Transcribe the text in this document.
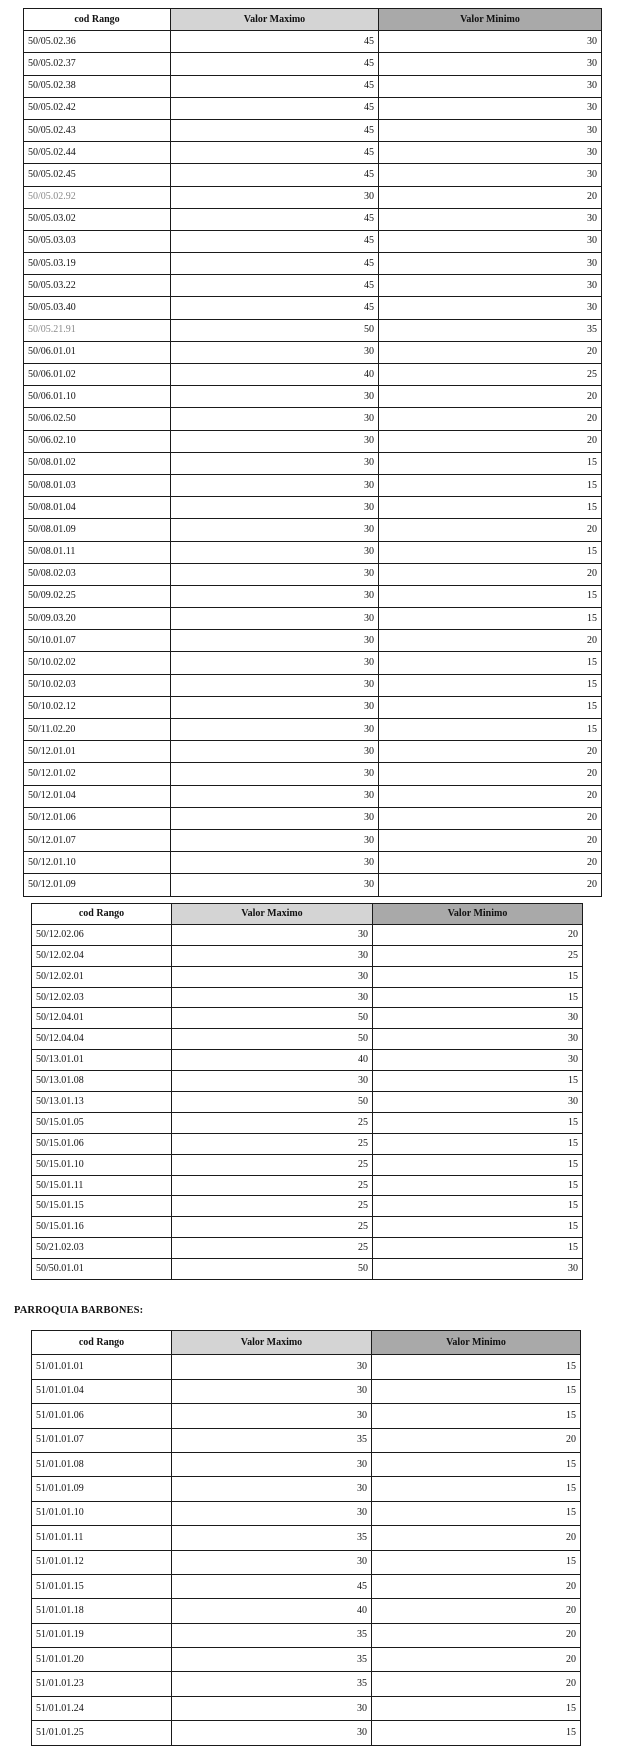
cod Rango	Valor Maximo	Valor Minimo
50/05.02.36	45	30
50/05.02.37	45	30
50/05.02.38	45	30
50/05.02.42	45	30
50/05.02.43	45	30
50/05.02.44	45	30
50/05.02.45	45	30
50/05.02.92	30	20
50/05.03.02	45	30
50/05.03.03	45	30
50/05.03.19	45	30
50/05.03.22	45	30
50/05.03.40	45	30
50/05.21.91	50	35
50/06.01.01	30	20
50/06.01.02	40	25
50/06.01.10	30	20
50/06.02.50	30	20
50/06.02.10	30	20
50/08.01.02	30	15
50/08.01.03	30	15
50/08.01.04	30	15
50/08.01.09	30	20
50/08.01.11	30	15
50/08.02.03	30	20
50/09.02.25	30	15
50/09.03.20	30	15
50/10.01.07	30	20
50/10.02.02	30	15
50/10.02.03	30	15
50/10.02.12	30	15
50/11.02.20	30	15
50/12.01.01	30	20
50/12.01.02	30	20
50/12.01.04	30	20
50/12.01.06	30	20
50/12.01.07	30	20
50/12.01.10	30	20
50/12.01.09	30	20
cod Rango	Valor Maximo	Valor Minimo
50/12.02.06	30	20
50/12.02.04	30	25
50/12.02.01	30	15
50/12.02.03	30	15
50/12.04.01	50	30
50/12.04.04	50	30
50/13.01.01	40	30
50/13.01.08	30	15
50/13.01.13	50	30
50/15.01.05	25	15
50/15.01.06	25	15
50/15.01.10	25	15
50/15.01.11	25	15
50/15.01.15	25	15
50/15.01.16	25	15
50/21.02.03	25	15
50/50.01.01	50	30
PARROQUIA BARBONES:
cod Rango	Valor Maximo	Valor Minimo
51/01.01.01	30	15
51/01.01.04	30	15
51/01.01.06	30	15
51/01.01.07	35	20
51/01.01.08	30	15
51/01.01.09	30	15
51/01.01.10	30	15
51/01.01.11	35	20
51/01.01.12	30	15
51/01.01.15	45	20
51/01.01.18	40	20
51/01.01.19	35	20
51/01.01.20	35	20
51/01.01.23	35	20
51/01.01.24	30	15
51/01.01.25	30	15
